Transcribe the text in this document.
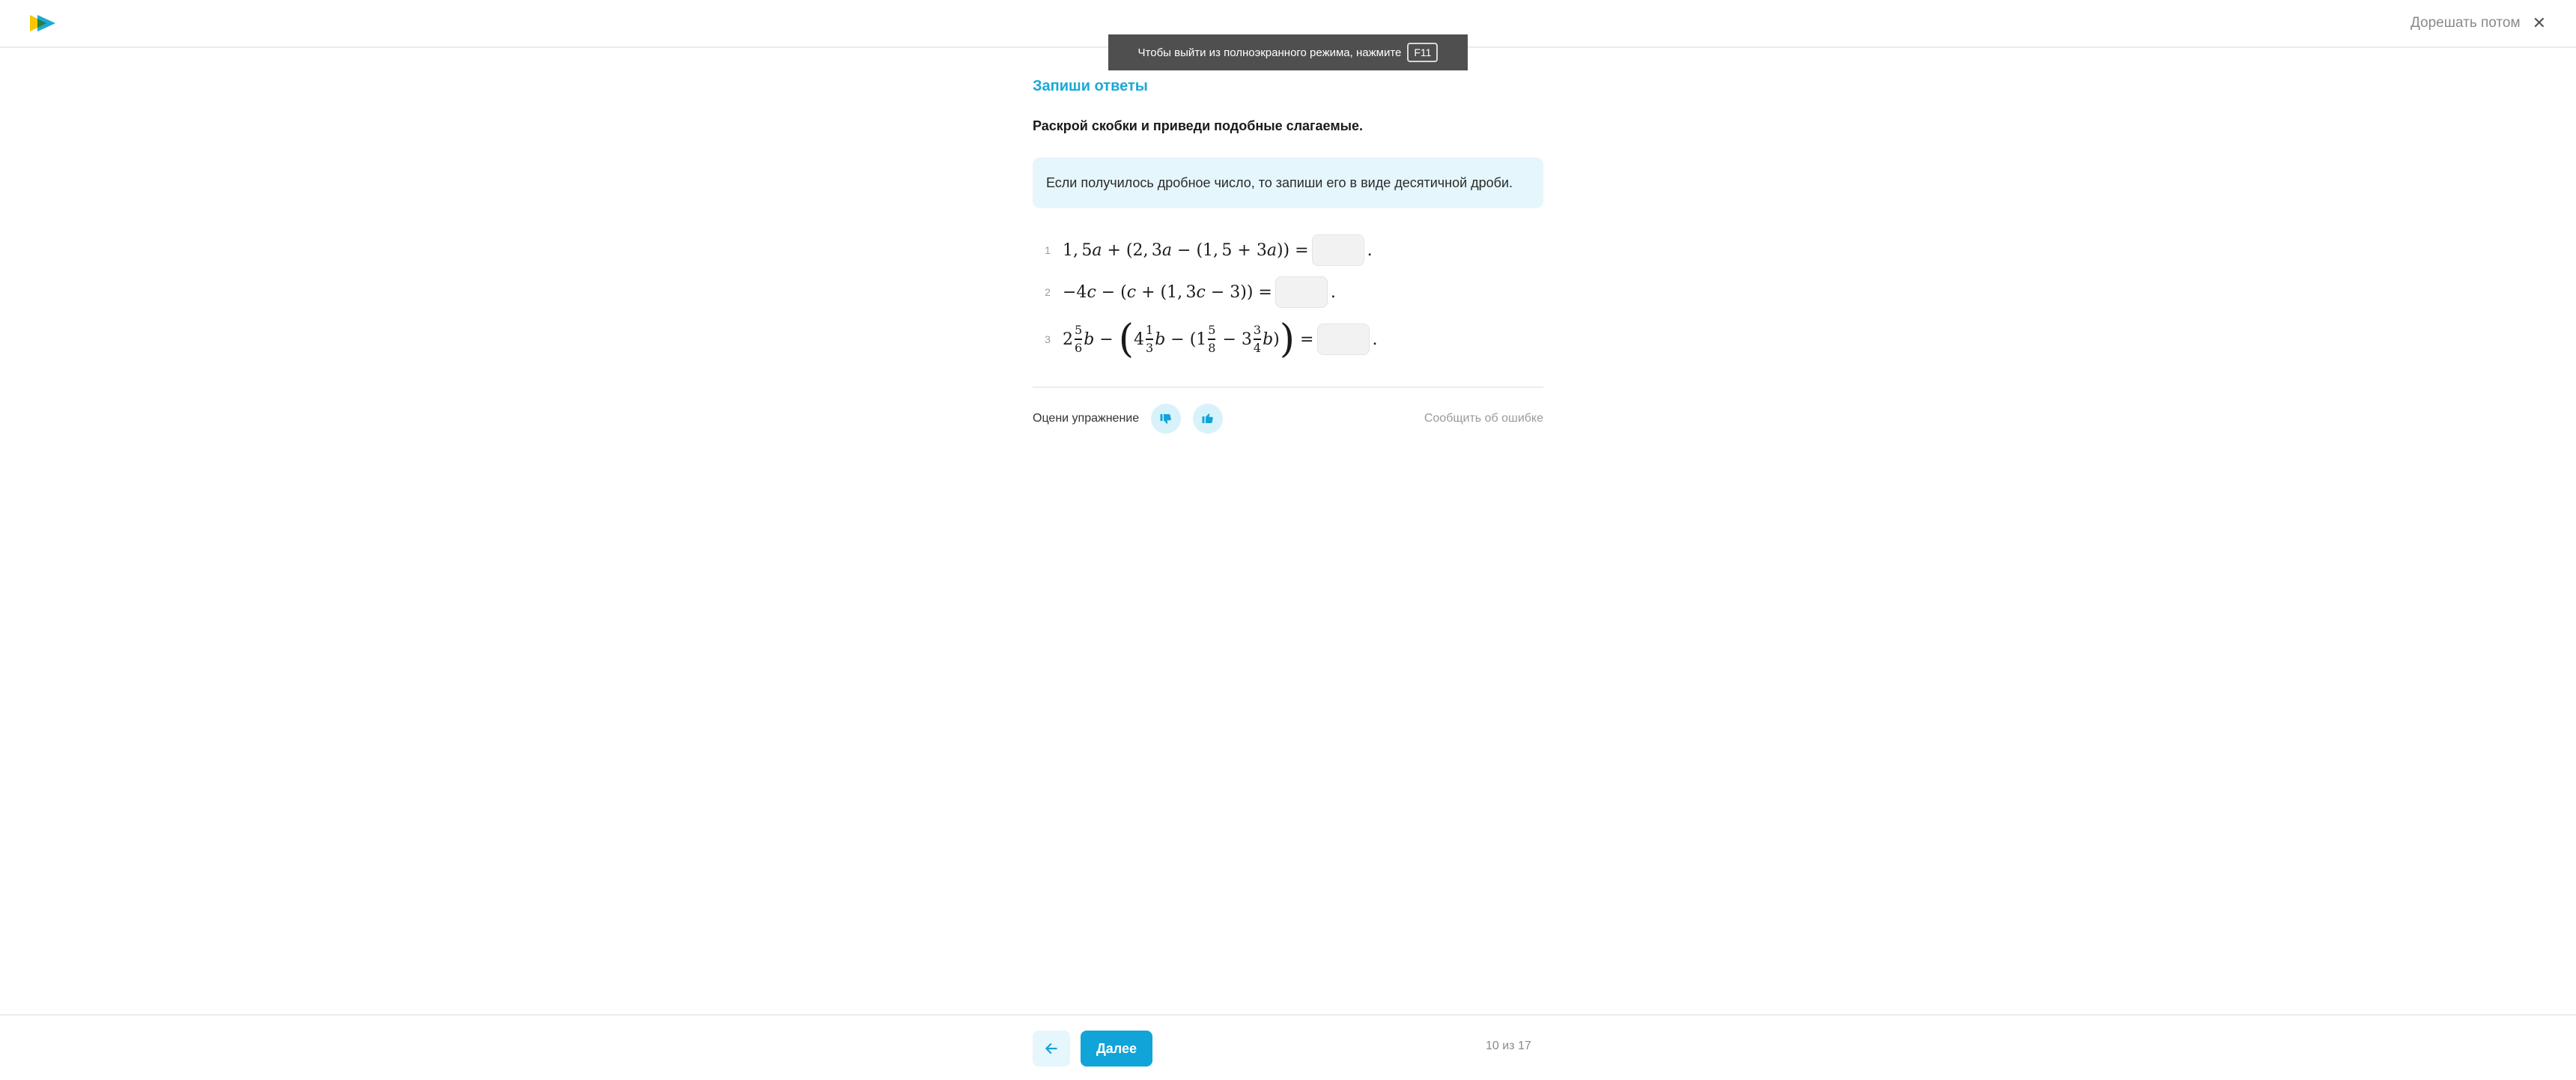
Дорешать потом ✕
Чтобы выйти из полноэкранного режима, нажмите	F11
Запиши ответы
Раскрой скобки и приведи подобные слагаемые.
Если получилось дробное число, то запиши его в виде десятичной дроби.
1 1, 5 a + (2, 3 a − (1, 5 + 3 a )) =	.
2 −4 c − ( c + (1, 3 c − 3)) =	.
3 $2 \frac{5}{6}$ b − ( $4 \frac{1}{3}$ $b - (1 \frac{5}{8} - 3 \frac{3}{4}$ b ) ) =	.
Оцени упражнение	Сообщить об ошибке
Далее	10 из 17
